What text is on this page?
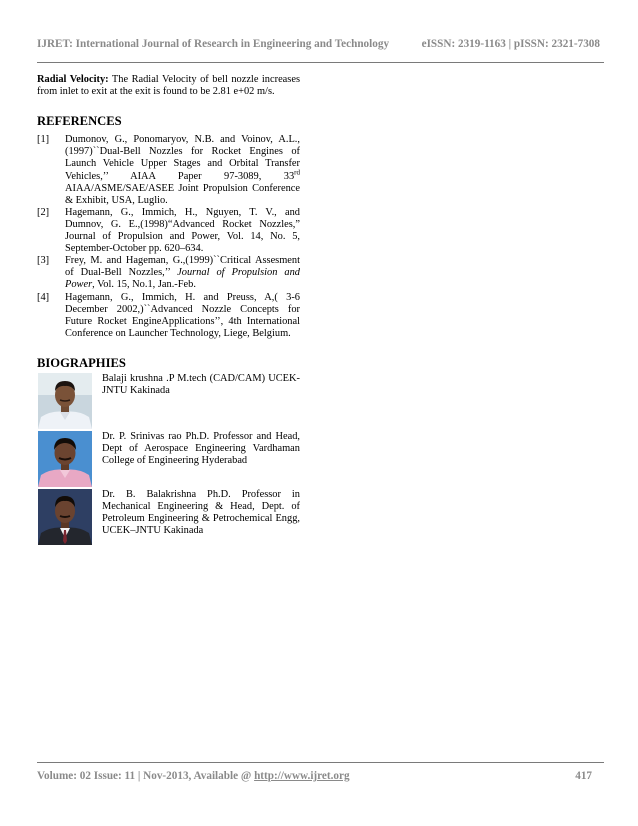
IJRET: International Journal of Research in Engineering and Technology	eISSN: 2319-1163 | pISSN: 2321-7308

Radial Velocity: The Radial Velocity of bell nozzle increases from inlet to exit at the exit is found to be 2.81 e+02 m/s.

REFERENCES
[1] Dumonov, G., Ponomaryov, N.B. and Voinov, A.L.,(1997)``Dual-Bell Nozzles for Rocket Engines of Launch Vehicle Upper Stages and Orbital Transfer Vehicles,’’ AIAA Paper 97-3089, 33rd AIAA/ASME/SAE/ASEE Joint Propulsion Conference & Exhibit, USA, Luglio.
[2] Hagemann, G., Immich, H., Nguyen, T. V., and Dumnov, G. E.,(1998)“Advanced Rocket Nozzles,” Journal of Propulsion and Power, Vol. 14, No. 5, September-October pp. 620–634.
[3] Frey, M. and Hageman, G.,(1999)``Critical Assesment of Dual-Bell Nozzles,’’ Journal of Propulsion and Power, Vol. 15, No.1, Jan.-Feb.
[4] Hagemann, G., Immich, H. and Preuss, A,( 3-6 December 2002,)``Advanced Nozzle Concepts for Future Rocket EngineApplications’’, 4th International Conference on Launcher Technology, Liege, Belgium.
BIOGRAPHIES
Balaji krushna .P M.tech (CAD/CAM) UCEK-JNTU Kakinada
Dr. P. Srinivas rao Ph.D. Professor and Head, Dept of Aerospace Engineering Vardhaman College of Engineering Hyderabad
Dr. B. Balakrishna Ph.D. Professor in Mechanical Engineering & Head, Dept. of Petroleum Engineering & Petrochemical Engg, UCEK–JNTU Kakinada
Volume: 02 Issue: 11 | Nov-2013, Available @ http://www.ijret.org	417
